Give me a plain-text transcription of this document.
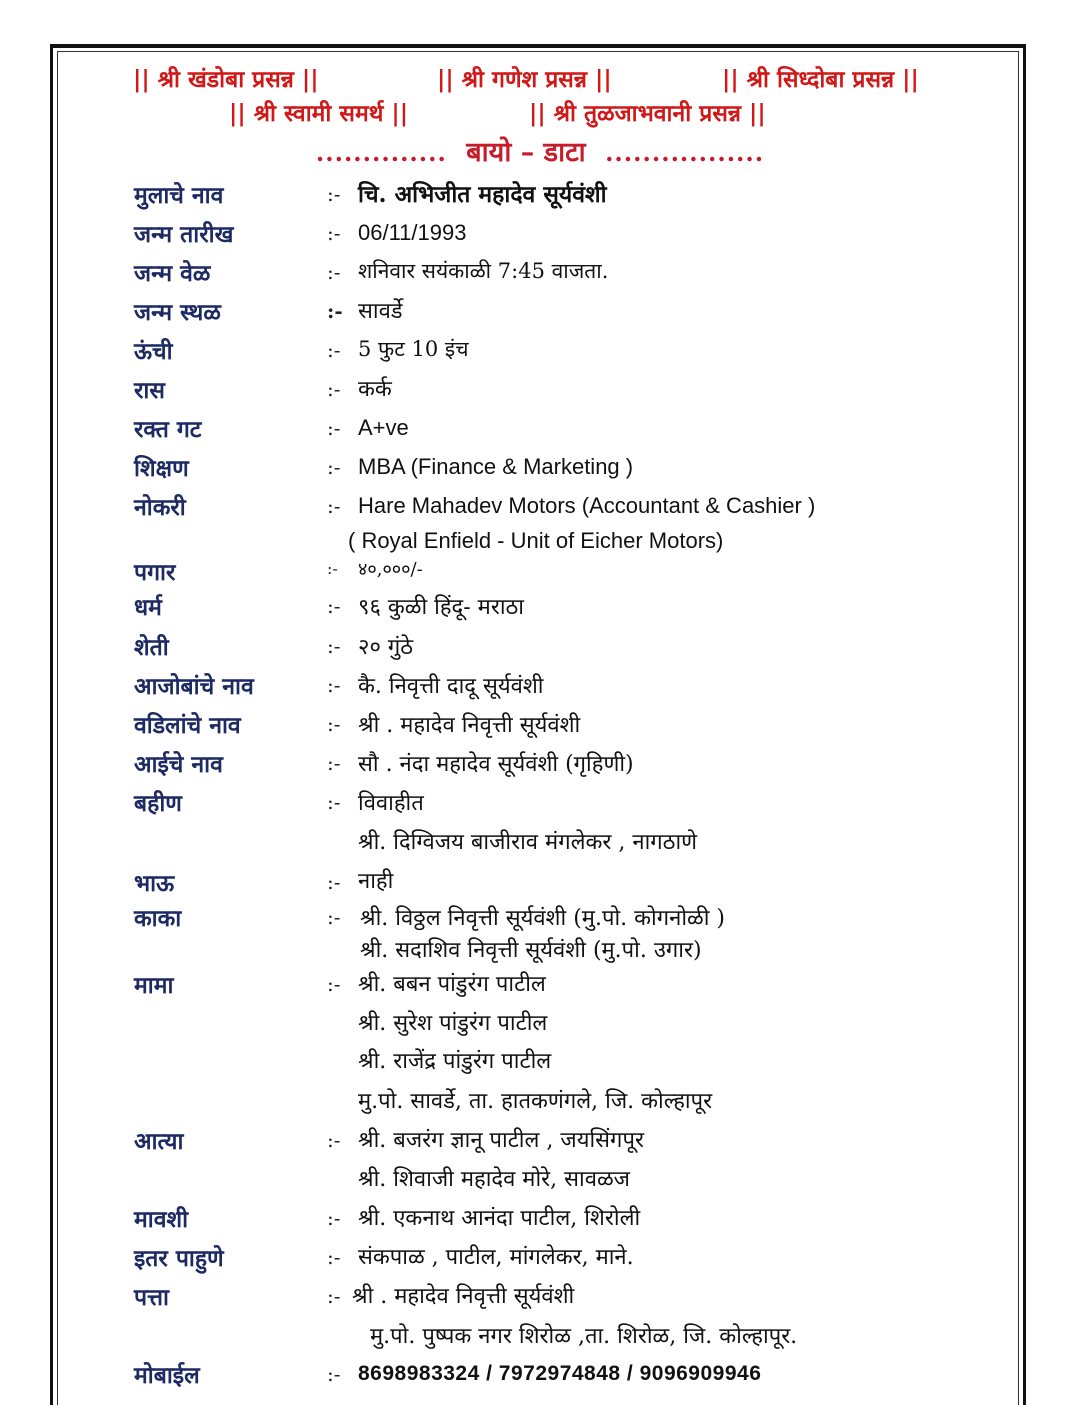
|| श्री खंडोबा प्रसन्न ||	|| श्री गणेश प्रसन्न ||	|| श्री सिध्दोबा प्रसन्न ||
|| श्री स्वामी समर्थ ||	|| श्री तुळजाभवानी प्रसन्न ||
.............. बायो – डाटा .................
मुलाचे नाव	:- चि. अभिजीत महादेव सूर्यवंशी
जन्म तारीख	:- 06/11/1993
जन्म वेळ	:- शनिवार सयंकाळी 7:45 वाजता.
जन्म स्थळ	:- सावर्डे
ऊंची	:- 5 फुट 10 इंच
रास	:- कर्क
रक्त गट	:- A+ve
शिक्षण	:- MBA (Finance & Marketing )
नोकरी	:- Hare Mahadev Motors (Accountant & Cashier )
( Royal Enfield - Unit of Eicher Motors)
पगार	:- ४०,०००/-
धर्म	:- ९६ कुळी हिंदू- मराठा
शेती	:- २० गुंठे
आजोबांचे नाव	:- कै. निवृत्ती दादू सूर्यवंशी
वडिलांचे नाव	:- श्री . महादेव निवृत्ती सूर्यवंशी
आईचे नाव	:- सौ . नंदा महादेव सूर्यवंशी (गृहिणी)
बहीण	:- विवाहीत
श्री. दिग्विजय बाजीराव मंगलेकर , नागठाणे
भाऊ	:- नाही
काका	:- श्री. विठ्ठल निवृत्ती सूर्यवंशी (मु.पो. कोगनोळी )
श्री. सदाशिव निवृत्ती सूर्यवंशी (मु.पो. उगार)
मामा	:- श्री. बबन पांडुरंग पाटील
श्री. सुरेश पांडुरंग पाटील
श्री. राजेंद्र पांडुरंग पाटील
मु.पो. सावर्डे, ता. हातकणंगले, जि. कोल्हापूर
आत्या	:- श्री. बजरंग ज्ञानू पाटील , जयसिंगपूर
श्री. शिवाजी महादेव मोरे, सावळज
मावशी	:- श्री. एकनाथ आनंदा पाटील, शिरोली
इतर पाहुणे	:- संकपाळ , पाटील, मांगलेकर, माने.
पत्ता	:- श्री . महादेव निवृत्ती सूर्यवंशी
मु.पो. पुष्पक नगर शिरोळ ,ता. शिरोळ, जि. कोल्हापूर.
मोबाईल	:- 8698983324 / 7972974848 / 9096909946
